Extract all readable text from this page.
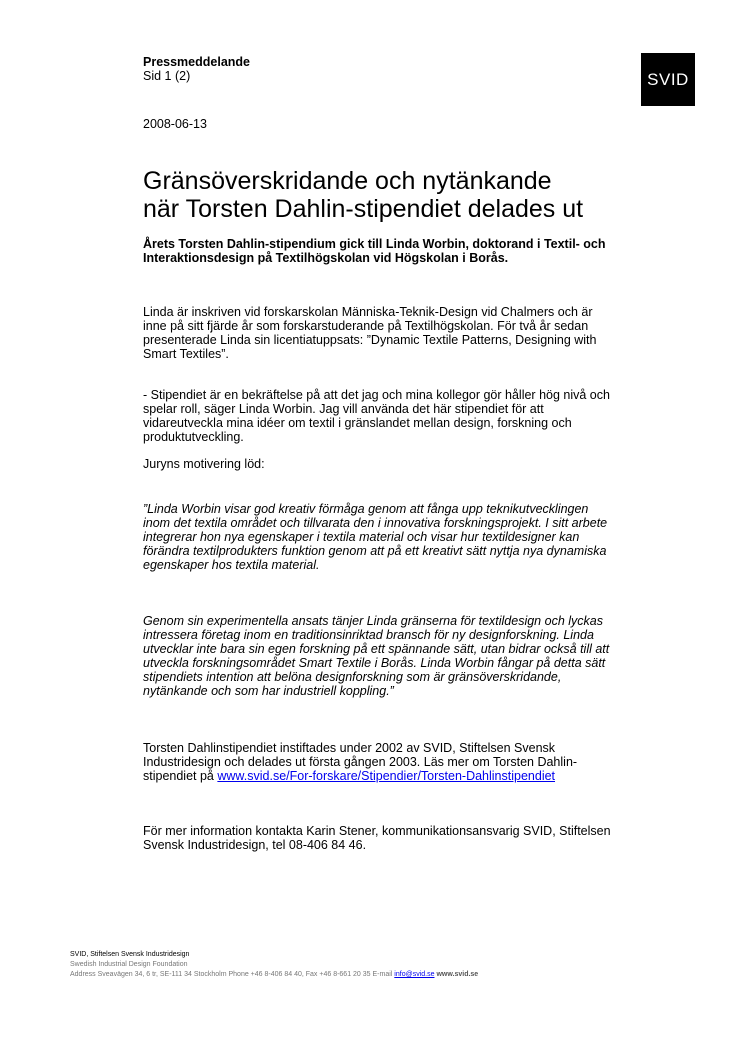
Pressmeddelande
Sid 1 (2)
2008-06-13
SVID
Gränsöverskridande och nytänkande
när Torsten Dahlin-stipendiet delades ut

Årets Torsten Dahlin-stipendium gick till Linda Worbin, doktorand i Textil- och Interaktionsdesign på Textilhögskolan vid Högskolan i Borås.

Linda är inskriven vid forskarskolan Människa-Teknik-Design vid Chalmers och är inne på sitt fjärde år som forskarstuderande på Textilhögskolan. För två år sedan presenterade Linda sin licentiatuppsats: ”Dynamic Textile Patterns, Designing with Smart Textiles”.

- Stipendiet är en bekräftelse på att det jag och mina kollegor gör håller hög nivå och spelar roll, säger Linda Worbin. Jag vill använda det här stipendiet för att vidareutveckla mina idéer om textil i gränslandet mellan design, forskning och produktutveckling.

Juryns motivering löd:

”Linda Worbin visar god kreativ förmåga genom att fånga upp teknikutvecklingen inom det textila området och tillvarata den i innovativa forskningsprojekt. I sitt arbete integrerar hon nya egenskaper i textila material och visar hur textildesigner kan förändra textilprodukters funktion genom att på ett kreativt sätt nyttja nya dynamiska egenskaper hos textila material.

Genom sin experimentella ansats tänjer Linda gränserna för textildesign och lyckas intressera företag inom en traditionsinriktad bransch för ny designforskning. Linda utvecklar inte bara sin egen forskning på ett spännande sätt, utan bidrar också till att utveckla forskningsområdet Smart Textile i Borås. Linda Worbin fångar på detta sätt stipendiets intention att belöna designforskning som är gränsöverskridande, nytänkande och som har industriell koppling.”

Torsten Dahlinstipendiet instiftades under 2002 av SVID, Stiftelsen Svensk Industridesign och delades ut första gången 2003. Läs mer om Torsten Dahlin-stipendiet på www.svid.se/For-forskare/Stipendier/Torsten-Dahlinstipendiet

För mer information kontakta Karin Stener, kommunikationsansvarig SVID, Stiftelsen Svensk Industridesign, tel 08-406 84 46.

SVID, Stiftelsen Svensk Industridesign
Swedish Industrial Design Foundation
Address Sveavägen 34, 6 tr, SE-111 34 Stockholm Phone +46 8-406 84 40, Fax +46 8-661 20 35 E-mail info@svid.se www.svid.se
